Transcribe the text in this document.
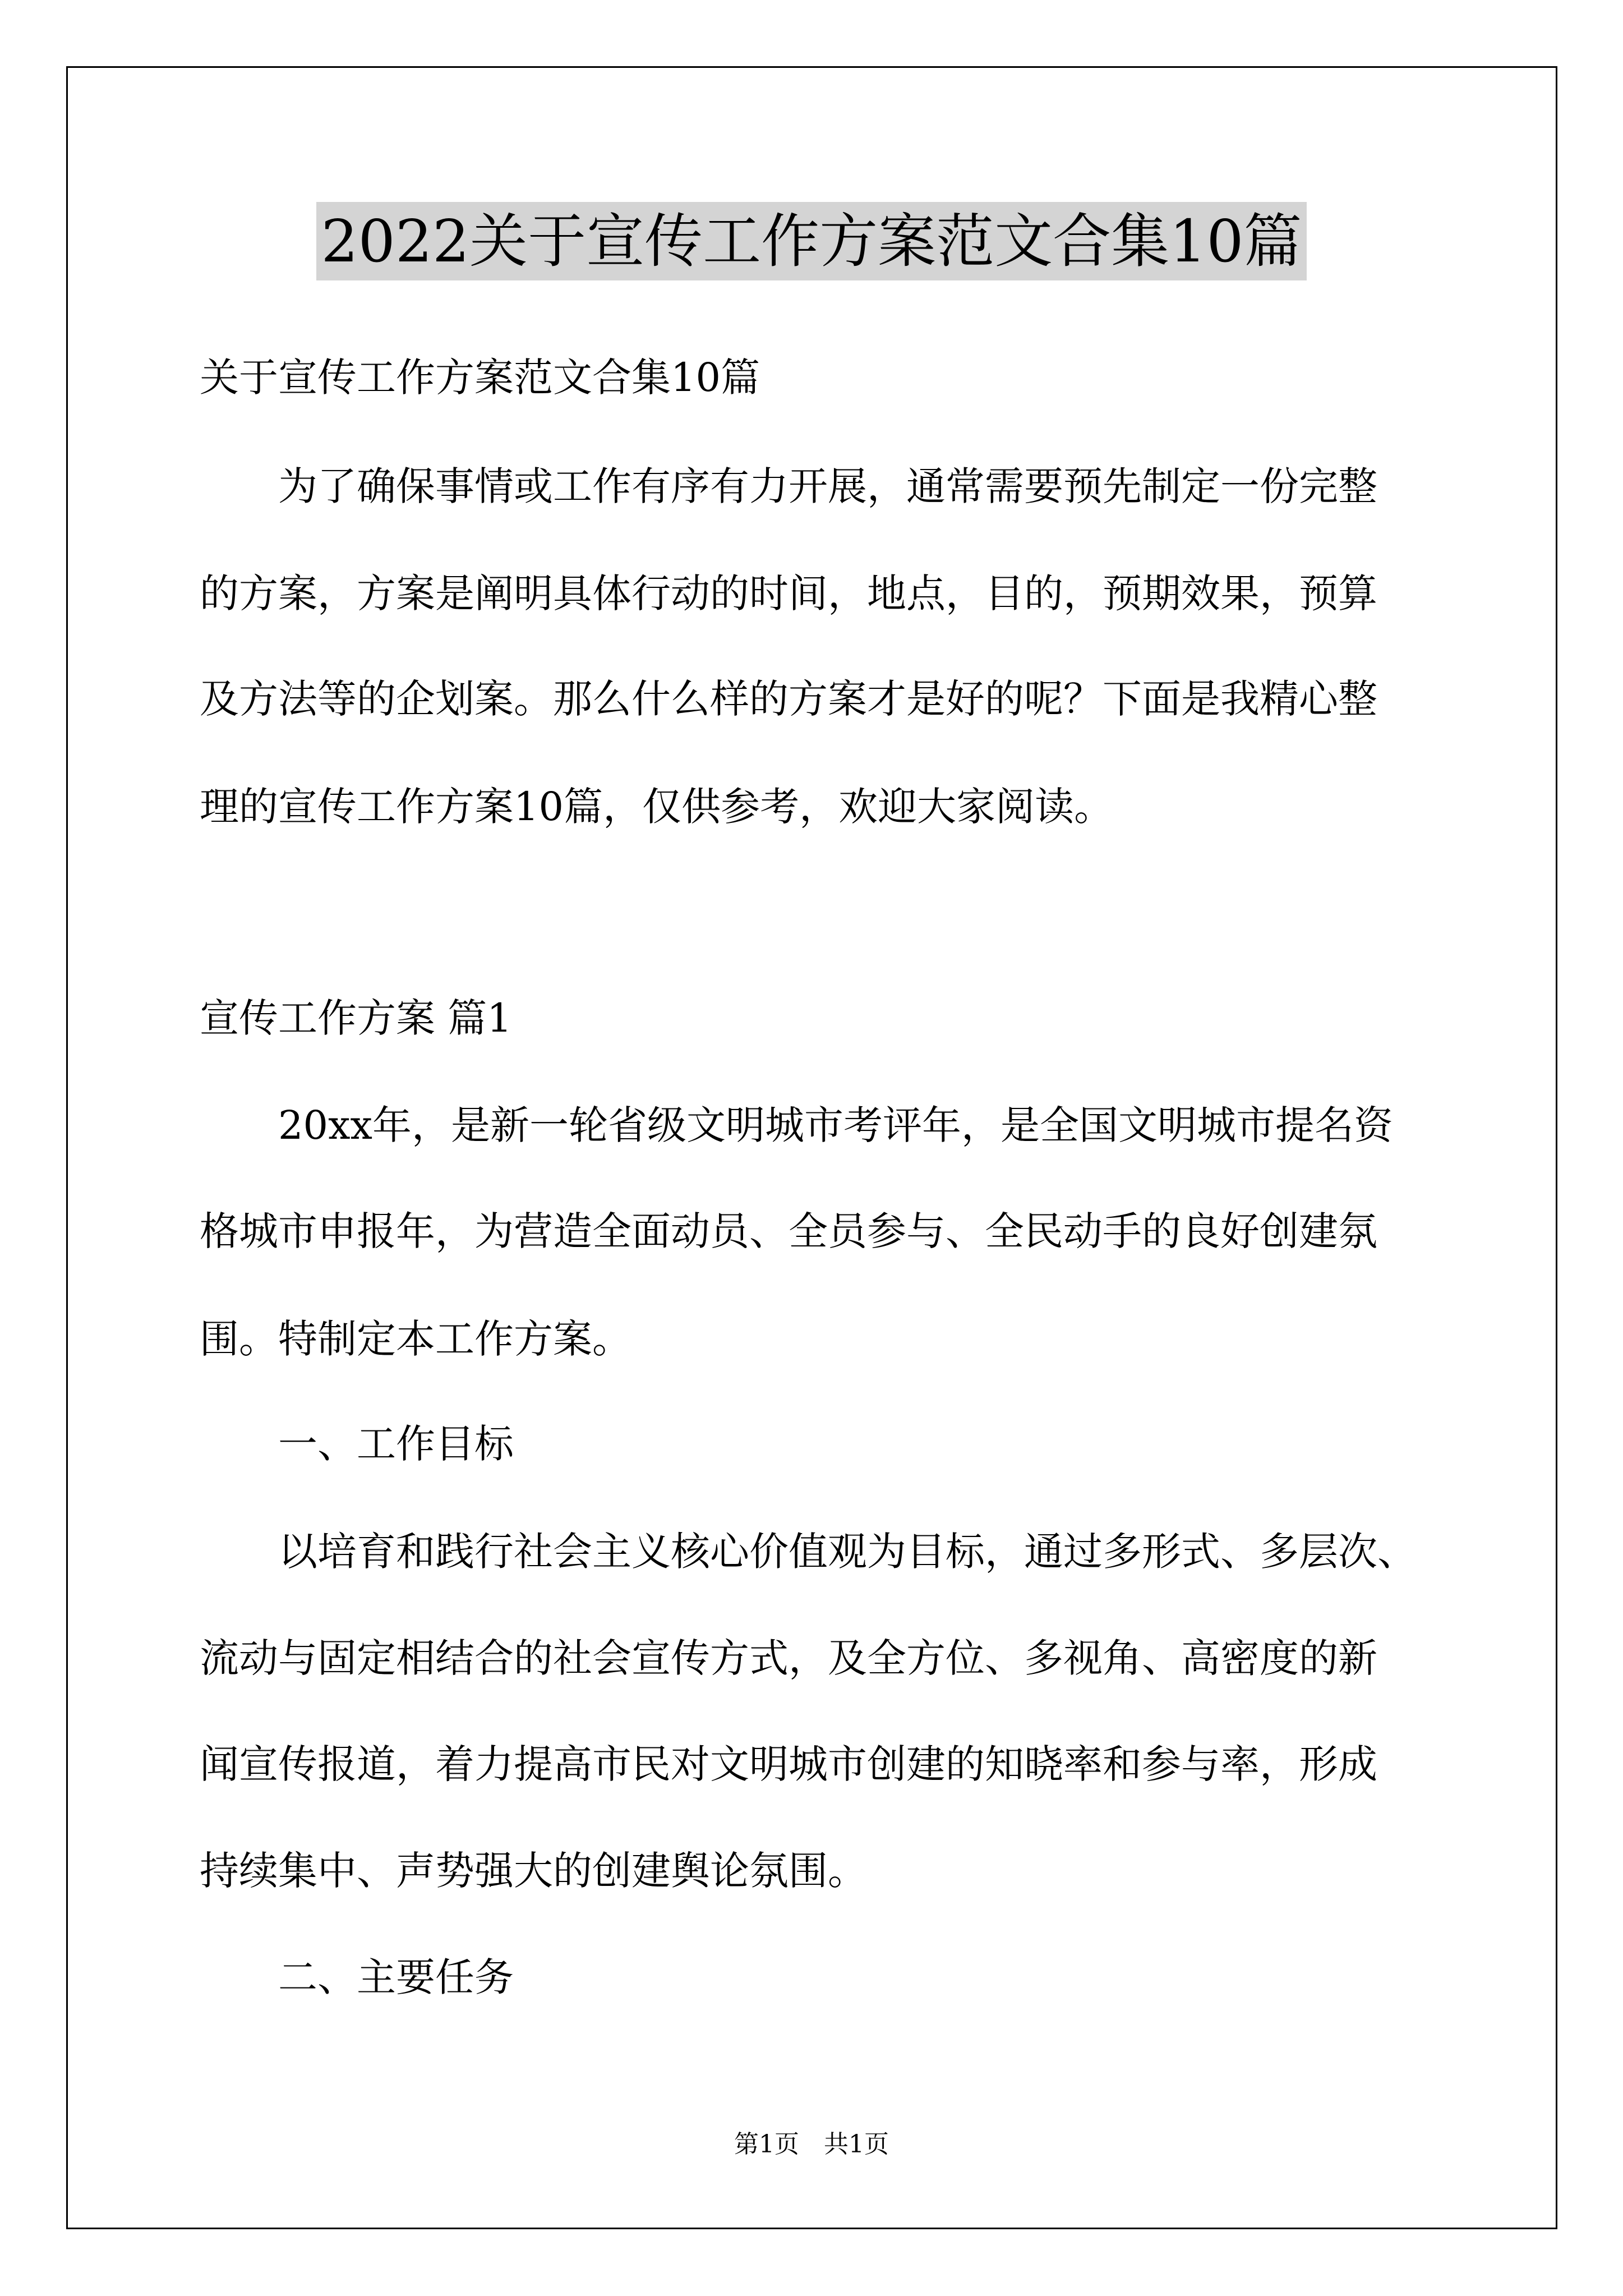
2022关于宣传工作方案范文合集10篇
关于宣传工作方案范文合集10篇
为了确保事情或工作有序有力开展，通常需要预先制定一份完整
的方案，方案是阐明具体行动的时间，地点，目的，预期效果，预算
及方法等的企划案。那么什么样的方案才是好的呢？下面是我精心整
理的宣传工作方案10篇，仅供参考，欢迎大家阅读。
宣传工作方案 篇1
20xx年，是新一轮省级文明城市考评年，是全国文明城市提名资
格城市申报年，为营造全面动员、全员参与、全民动手的良好创建氛
围。特制定本工作方案。
一、工作目标
以培育和践行社会主义核心价值观为目标，通过多形式、多层次、
流动与固定相结合的社会宣传方式，及全方位、多视角、高密度的新
闻宣传报道，着力提高市民对文明城市创建的知晓率和参与率，形成
持续集中、声势强大的创建舆论氛围。
二、主要任务
第1页　共1页
